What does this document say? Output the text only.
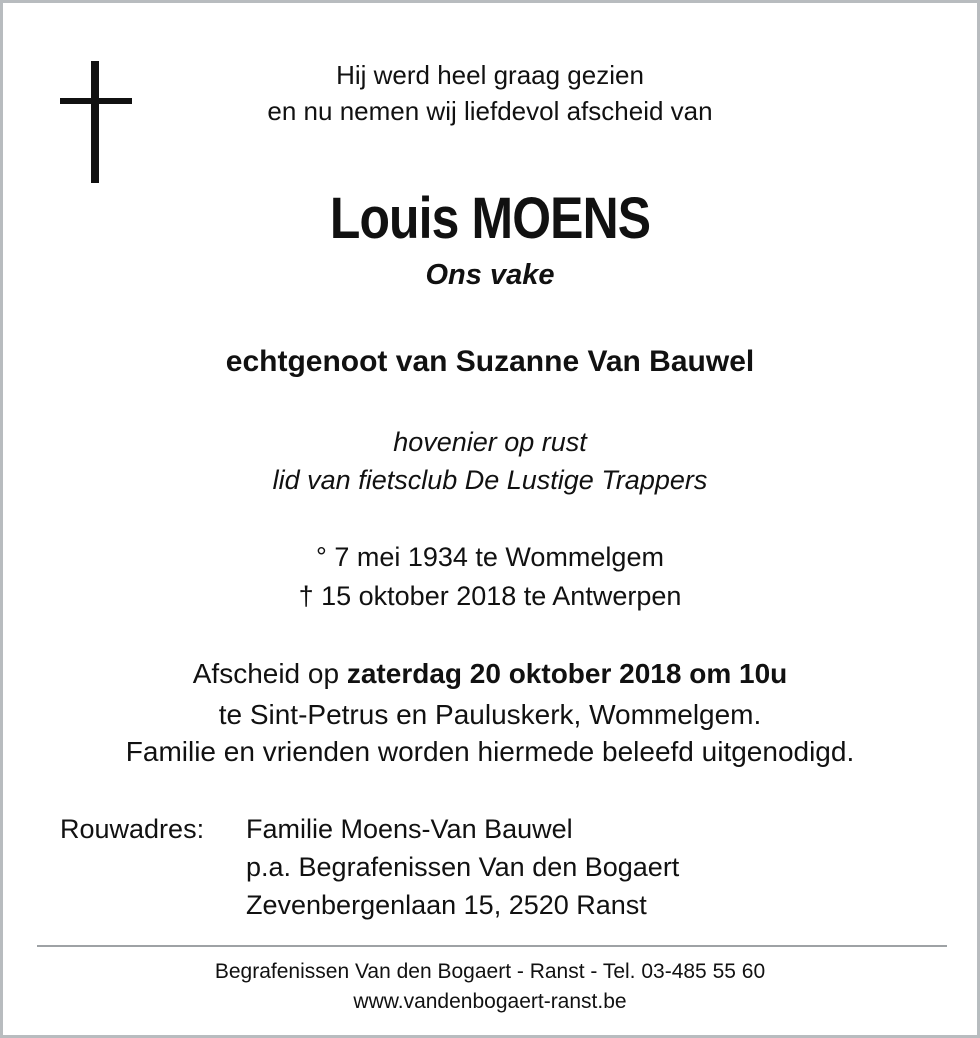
Hij werd heel graag gezien
en nu nemen wij liefdevol afscheid van
Louis MOENS
Ons vake
echtgenoot van Suzanne Van Bauwel
hovenier op rust
lid van fietsclub De Lustige Trappers
° 7 mei 1934 te Wommelgem
† 15 oktober 2018 te Antwerpen
Afscheid op zaterdag 20 oktober 2018 om 10u
te Sint-Petrus en Pauluskerk, Wommelgem.
Familie en vrienden worden hiermede beleefd uitgenodigd.
Rouwadres: Familie Moens-Van Bauwel
p.a. Begrafenissen Van den Bogaert
Zevenbergenlaan 15, 2520 Ranst
Begrafenissen Van den Bogaert - Ranst - Tel. 03-485 55 60
www.vandenbogaert-ranst.be
